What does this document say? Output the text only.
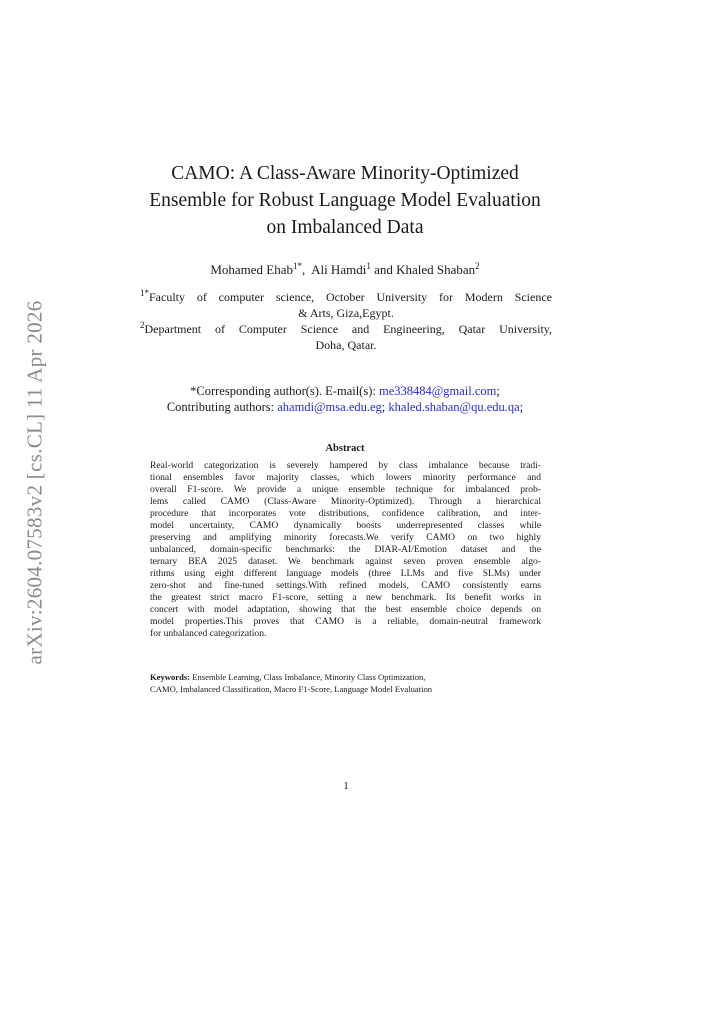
arXiv:2604.07583v2 [cs.CL] 11 Apr 2026
CAMO: A Class-Aware Minority-Optimized
Ensemble for Robust Language Model Evaluation
on Imbalanced Data
Mohamed Ehab$^{1*}$,  Ali Hamdi$^1$ and Khaled Shaban$^2$
$^{1*}$Faculty of computer science, October University for Modern Science
& Arts, Giza,Egypt.
$^2$Department of Computer Science and Engineering, Qatar University,
Doha, Qatar.
*Corresponding author(s). E-mail(s): me338484@gmail.com;
Contributing authors: ahamdi@msa.edu.eg; khaled.shaban@qu.edu.qa;
Abstract
Real-world categorization is severely hampered by class imbalance because tradi-
tional ensembles favor majority classes, which lowers minority performance and
overall F1-score. We provide a unique ensemble technique for imbalanced prob-
lems called CAMO (Class-Aware Minority-Optimized). Through a hierarchical
procedure that incorporates vote distributions, confidence calibration, and inter-
model uncertainty, CAMO dynamically boosts underrepresented classes while
preserving and amplifying minority forecasts.We verify CAMO on two highly
unbalanced, domain-specific benchmarks: the DIAR-AI/Emotion dataset and the
ternary BEA 2025 dataset. We benchmark against seven proven ensemble algo-
rithms using eight different language models (three LLMs and five SLMs) under
zero-shot and fine-tuned settings.With refined models, CAMO consistently earns
the greatest strict macro F1-score, setting a new benchmark. Its benefit works in
concert with model adaptation, showing that the best ensemble choice depends on
model properties.This proves that CAMO is a reliable, domain-neutral framework
for unbalanced categorization.
Keywords: Ensemble Learning, Class Imbalance, Minority Class Optimization,
CAMO, Imbalanced Classification, Macro F1-Score, Language Model Evaluation
1
